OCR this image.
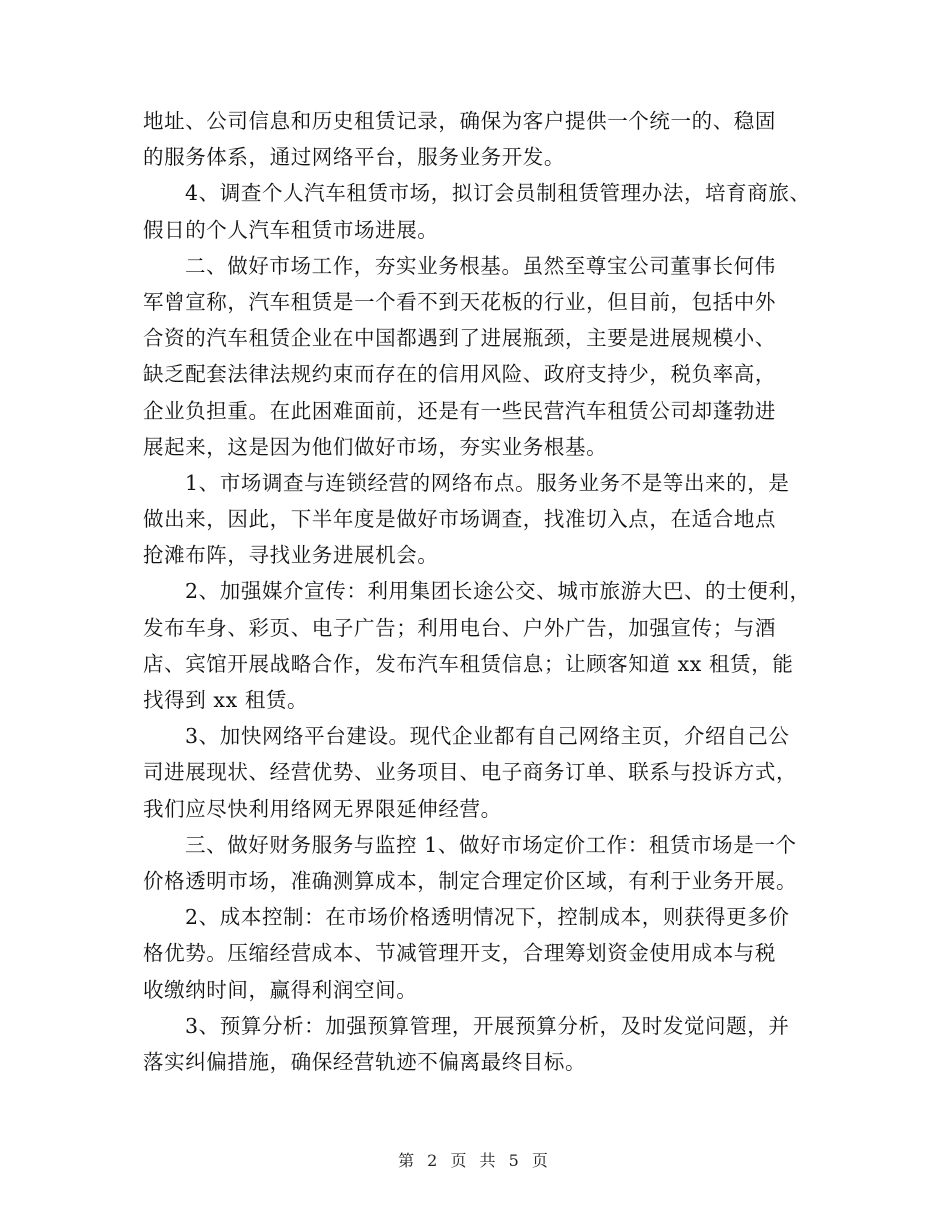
地址、公司信息和历史租赁记录，确保为客户提供一个统一的、稳固
的服务体系，通过网络平台，服务业务开发。
4、调查个人汽车租赁市场，拟订会员制租赁管理办法，培育商旅、
假日的个人汽车租赁市场进展。
二、做好市场工作，夯实业务根基。虽然至尊宝公司董事长何伟
军曾宣称，汽车租赁是一个看不到天花板的行业，但目前，包括中外
合资的汽车租赁企业在中国都遇到了进展瓶颈，主要是进展规模小、
缺乏配套法律法规约束而存在的信用风险、政府支持少，税负率高，
企业负担重。在此困难面前，还是有一些民营汽车租赁公司却蓬勃进
展起来，这是因为他们做好市场，夯实业务根基。
1、市场调查与连锁经营的网络布点。服务业务不是等出来的，是
做出来，因此，下半年度是做好市场调查，找准切入点，在适合地点
抢滩布阵，寻找业务进展机会。
2、加强媒介宣传：利用集团长途公交、城市旅游大巴、的士便利，
发布车身、彩页、电子广告；利用电台、户外广告，加强宣传；与酒
店、宾馆开展战略合作，发布汽车租赁信息；让顾客知道 xx 租赁，能
找得到 xx 租赁。
3、加快网络平台建设。现代企业都有自己网络主页，介绍自己公
司进展现状、经营优势、业务项目、电子商务订单、联系与投诉方式，
我们应尽快利用络网无界限延伸经营。
三、做好财务服务与监控 1、做好市场定价工作：租赁市场是一个
价格透明市场，准确测算成本，制定合理定价区域，有利于业务开展。
2、成本控制：在市场价格透明情况下，控制成本，则获得更多价
格优势。压缩经营成本、节减管理开支，合理筹划资金使用成本与税
收缴纳时间，赢得利润空间。
3、预算分析：加强预算管理，开展预算分析，及时发觉问题，并
落实纠偏措施，确保经营轨迹不偏离最终目标。
第 2 页 共 5 页
